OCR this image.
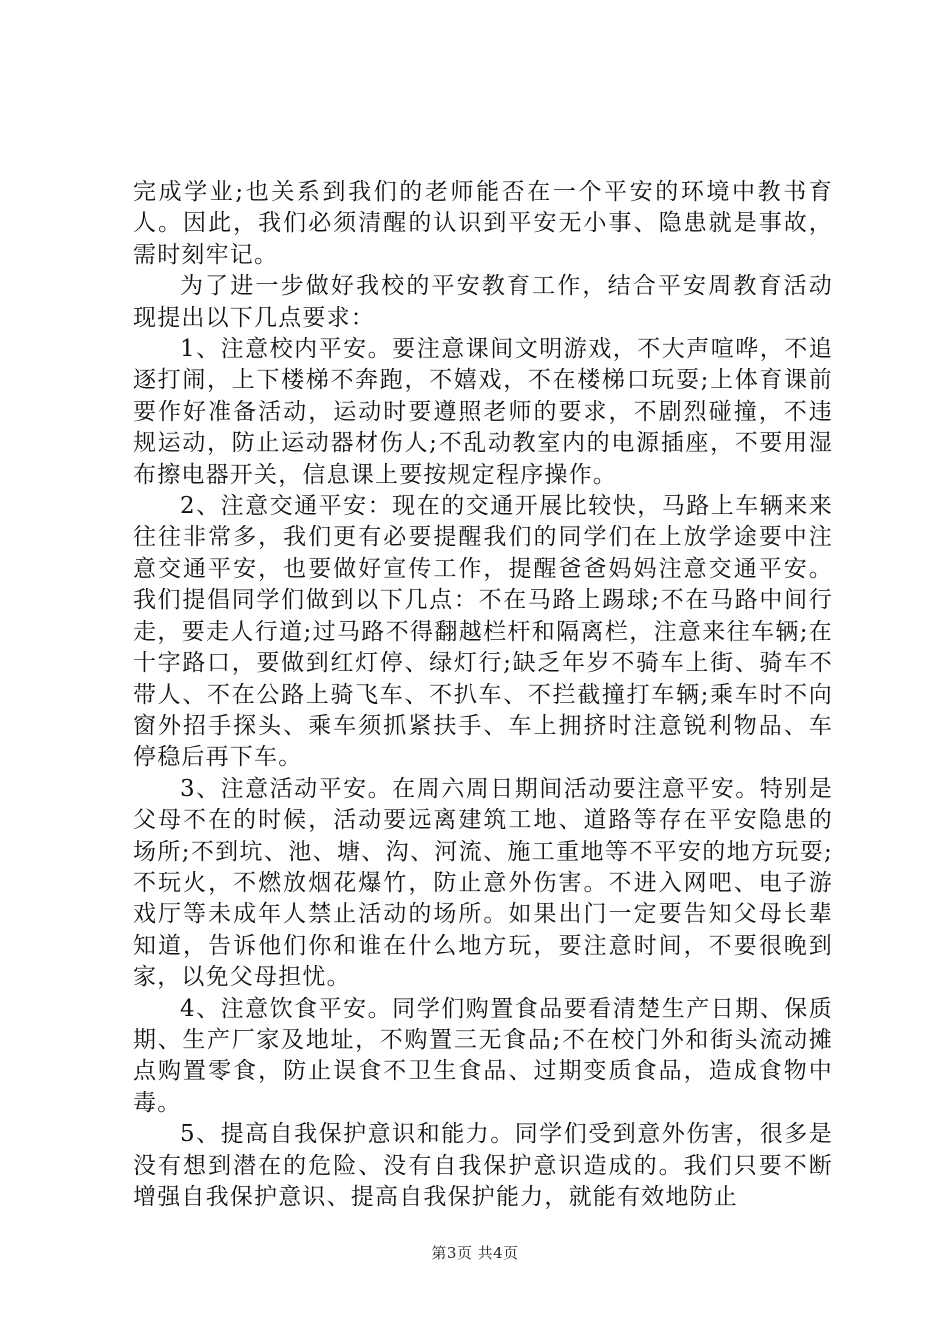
完成学业;也关系到我们的老师能否在一个平安的环境中教书育人。因此，我们必须清醒的认识到平安无小事、隐患就是事故，需时刻牢记。

为了进一步做好我校的平安教育工作，结合平安周教育活动现提出以下几点要求：

1、注意校内平安。要注意课间文明游戏，不大声喧哗，不追逐打闹，上下楼梯不奔跑，不嬉戏，不在楼梯口玩耍;上体育课前要作好准备活动，运动时要遵照老师的要求，不剧烈碰撞，不违规运动，防止运动器材伤人;不乱动教室内的电源插座，不要用湿布擦电器开关，信息课上要按规定程序操作。

2、注意交通平安：现在的交通开展比较快，马路上车辆来来往往非常多，我们更有必要提醒我们的同学们在上放学途要中注意交通平安，也要做好宣传工作，提醒爸爸妈妈注意交通平安。我们提倡同学们做到以下几点：不在马路上踢球;不在马路中间行走，要走人行道;过马路不得翻越栏杆和隔离栏，注意来往车辆;在十字路口，要做到红灯停、绿灯行;缺乏年岁不骑车上街、骑车不带人、不在公路上骑飞车、不扒车、不拦截撞打车辆;乘车时不向窗外招手探头、乘车须抓紧扶手、车上拥挤时注意锐利物品、车停稳后再下车。

3、注意活动平安。在周六周日期间活动要注意平安。特别是父母不在的时候，活动要远离建筑工地、道路等存在平安隐患的场所;不到坑、池、塘、沟、河流、施工重地等不平安的地方玩耍;不玩火，不燃放烟花爆竹，防止意外伤害。不进入网吧、电子游戏厅等未成年人禁止活动的场所。如果出门一定要告知父母长辈知道，告诉他们你和谁在什么地方玩，要注意时间，不要很晚到家，以免父母担忧。

4、注意饮食平安。同学们购置食品要看清楚生产日期、保质期、生产厂家及地址，不购置三无食品;不在校门外和街头流动摊点购置零食，防止误食不卫生食品、过期变质食品，造成食物中毒。

5、提高自我保护意识和能力。同学们受到意外伤害，很多是没有想到潜在的危险、没有自我保护意识造成的。我们只要不断增强自我保护意识、提高自我保护能力，就能有效地防止

第3页 共4页
